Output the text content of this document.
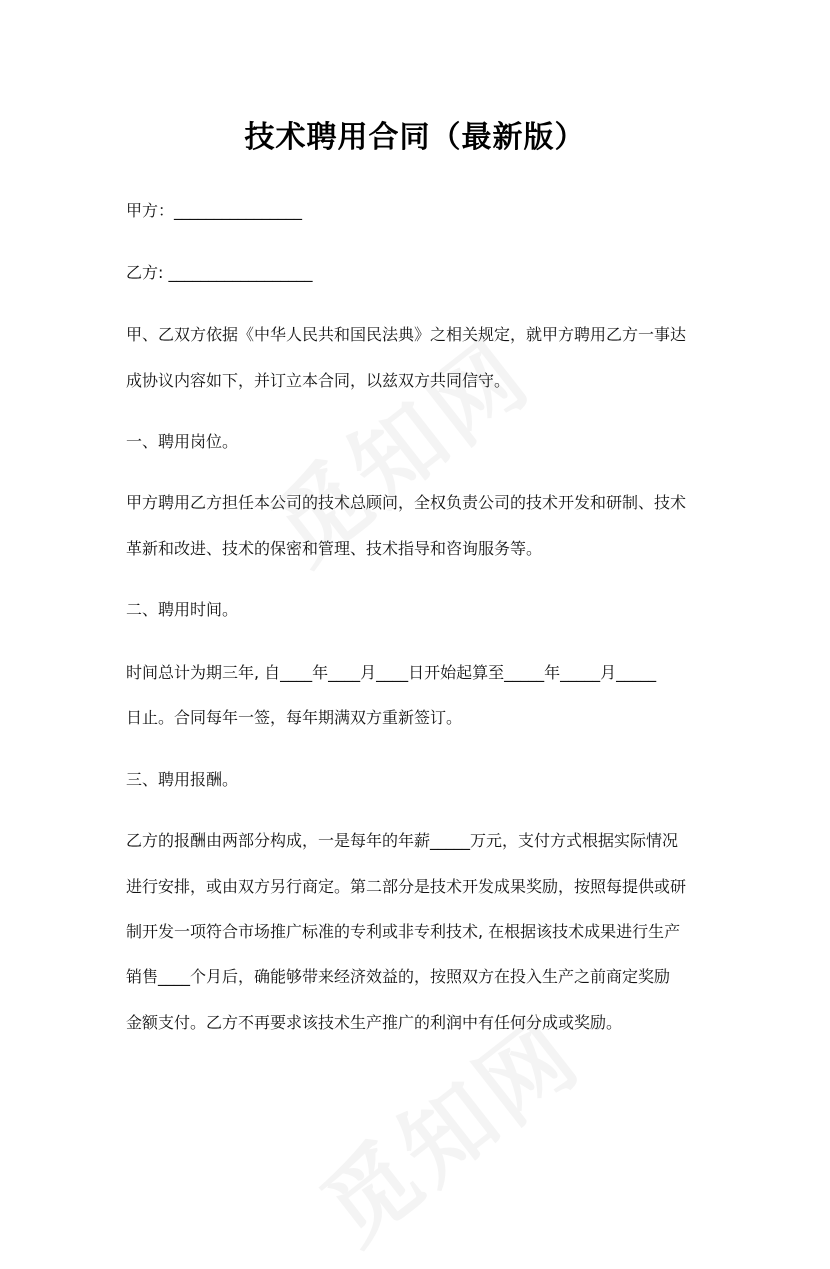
技术聘用合同（最新版）

甲方：________________

乙方: __________________

甲、乙双方依据《中华人民共和国民法典》之相关规定，就甲方聘用乙方一事达

成协议内容如下，并订立本合同，以兹双方共同信守。

一、聘用岗位。

甲方聘用乙方担任本公司的技术总顾问，全权负责公司的技术开发和研制、技术

革新和改进、技术的保密和管理、技术指导和咨询服务等。

二、聘用时间。

时间总计为期三年, 自____年____月____日开始起算至_____年_____月_____

日止。合同每年一签，每年期满双方重新签订。

三、聘用报酬。

乙方的报酬由两部分构成，一是每年的年薪_____万元，支付方式根据实际情况

进行安排，或由双方另行商定。第二部分是技术开发成果奖励，按照每提供或研

制开发一项符合市场推广标准的专利或非专利技术, 在根据该技术成果进行生产

销售____个月后，确能够带来经济效益的，按照双方在投入生产之前商定奖励

金额支付。乙方不再要求该技术生产推广的利润中有任何分成或奖励。
